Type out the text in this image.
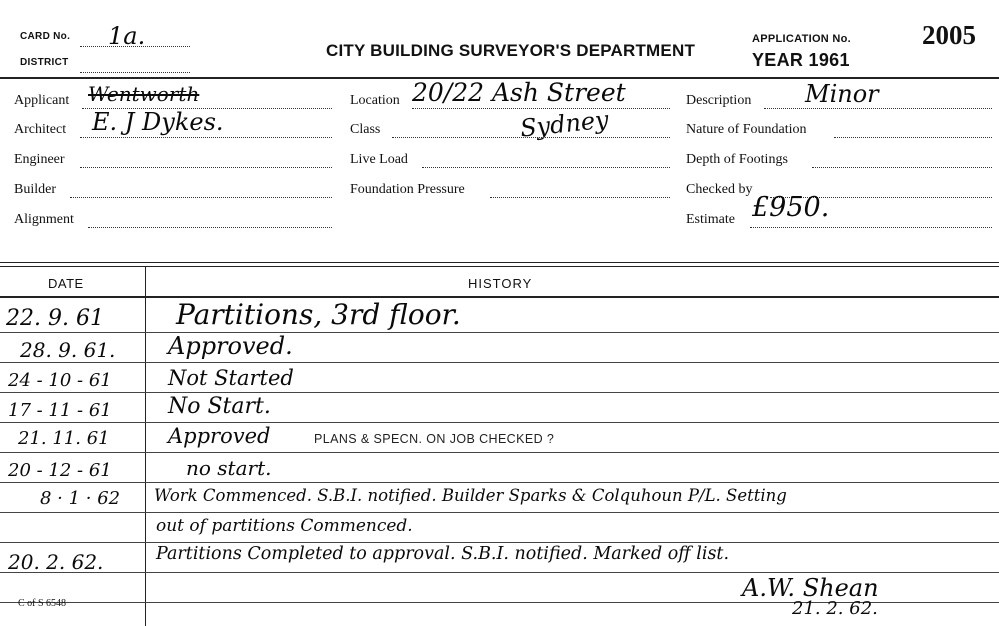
CARD No. 1a.
DISTRICT
CITY BUILDING SURVEYOR'S DEPARTMENT
APPLICATION No.	2005
YEAR 1961
Applicant Wentworth
Architect E. J Dykes.
Engineer
Builder
Alignment
Location 20/22 Ash Street
Class	Sydney
Live Load
Foundation Pressure
Description Minor
Nature of Foundation
Depth of Footings
Checked by
Estimate £950.
DATE	HISTORY
22. 9. 61	Partitions, 3rd floor.
28. 9. 61. Approved.
24 - 10 - 61	Not Started
17 - 11 - 61	No Start.
21. 11. 61	Approved	PLANS & SPECN. ON JOB CHECKED ?
20 - 12 - 61	no start.
8 · 1 · 62 Work Commenced. S.B.I. notified. Builder Sparks & Colquhoun P/L. Setting
out of partitions Commenced.
20. 2. 62.	Partitions Completed to approval. S.B.I. notified. Marked off list.
A.W. Shean
21. 2. 62.
C of S 6548
